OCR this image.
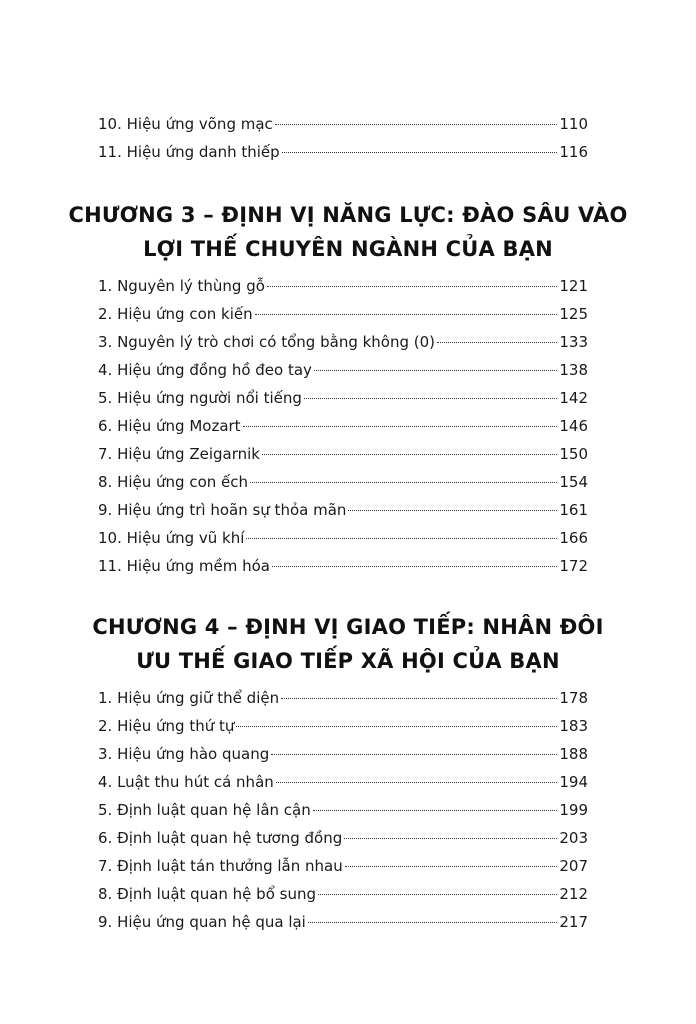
10. Hiệu ứng võng mạc	110
11. Hiệu ứng danh thiếp	116
CHƯƠNG 3 – ĐỊNH VỊ NĂNG LỰC: ĐÀO SÂU VÀO
LỢI THẾ CHUYÊN NGÀNH CỦA BẠN
1. Nguyên lý thùng gỗ	121
2. Hiệu ứng con kiến	125
3. Nguyên lý trò chơi có tổng bằng không (0)	133
4. Hiệu ứng đồng hồ đeo tay	138
5. Hiệu ứng người nổi tiếng	142
6. Hiệu ứng Mozart	146
7. Hiệu ứng Zeigarnik	150
8. Hiệu ứng con ếch	154
9. Hiệu ứng trì hoãn sự thỏa mãn	161
10. Hiệu ứng vũ khí	166
11. Hiệu ứng mềm hóa	172
CHƯƠNG 4 – ĐỊNH VỊ GIAO TIẾP: NHÂN ĐÔI
ƯU THẾ GIAO TIẾP XÃ HỘI CỦA BẠN
1. Hiệu ứng giữ thể diện	178
2. Hiệu ứng thứ tự	183
3. Hiệu ứng hào quang	188
4. Luật thu hút cá nhân	194
5. Định luật quan hệ lân cận	199
6. Định luật quan hệ tương đồng	203
7. Định luật tán thưởng lẫn nhau	207
8. Định luật quan hệ bổ sung	212
9. Hiệu ứng quan hệ qua lại	217
